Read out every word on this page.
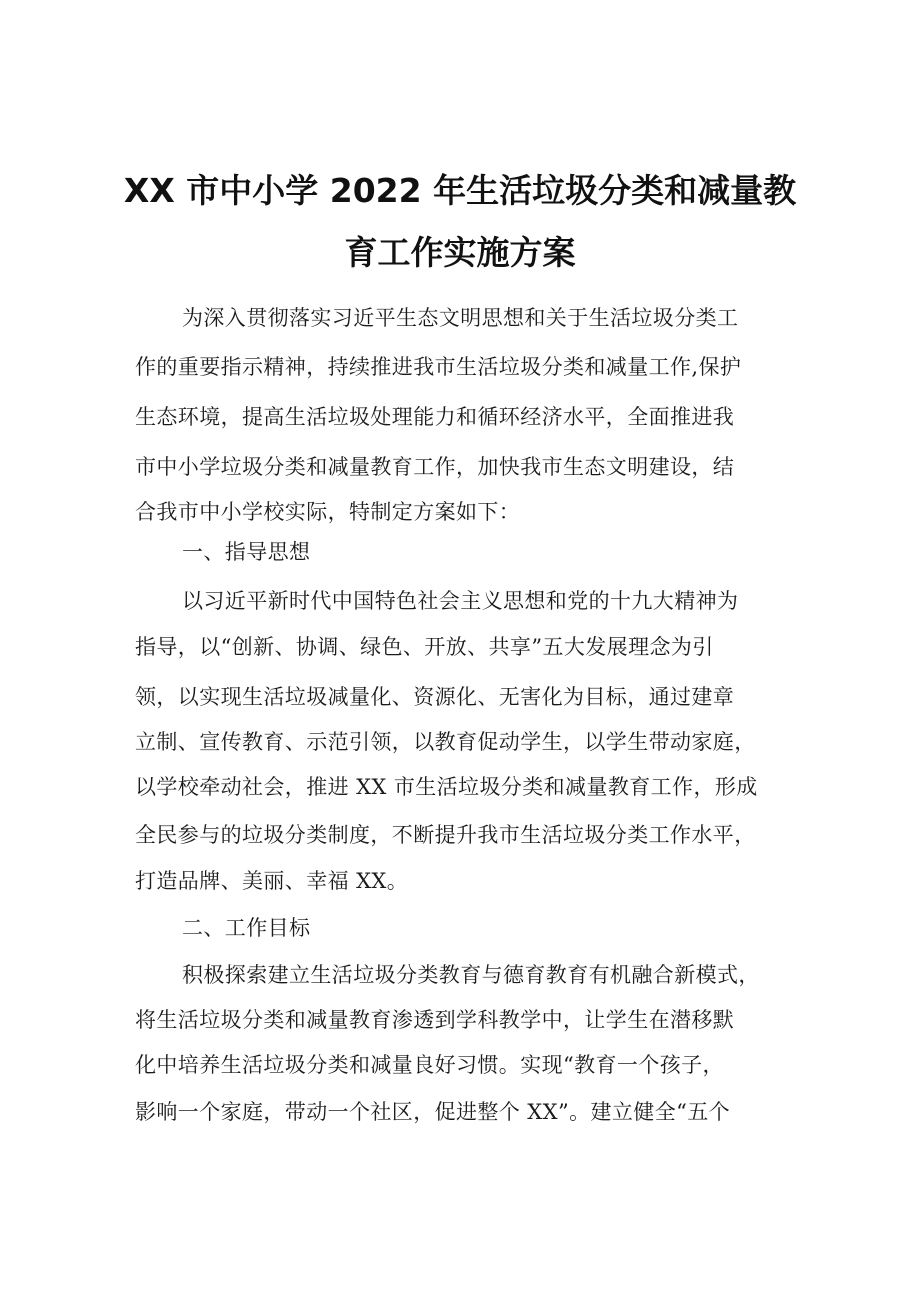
XX 市中小学 2022 年生活垃圾分类和减量教
育工作实施方案
为深入贯彻落实习近平生态文明思想和关于生活垃圾分类工
作的重要指示精神，持续推进我市生活垃圾分类和减量工作,保护
生态环境，提高生活垃圾处理能力和循环经济水平，全面推进我
市中小学垃圾分类和减量教育工作，加快我市生态文明建设，结
合我市中小学校实际，特制定方案如下：
一、指导思想
以习近平新时代中国特色社会主义思想和党的十九大精神为
指导，以“创新、协调、绿色、开放、共享”五大发展理念为引
领，以实现生活垃圾减量化、资源化、无害化为目标，通过建章
立制、宣传教育、示范引领，以教育促动学生，以学生带动家庭，
以学校牵动社会，推进 XX 市生活垃圾分类和减量教育工作，形成
全民参与的垃圾分类制度，不断提升我市生活垃圾分类工作水平，
打造品牌、美丽、幸福 XX。
二、工作目标
积极探索建立生活垃圾分类教育与德育教育有机融合新模式，
将生活垃圾分类和减量教育渗透到学科教学中，让学生在潜移默
化中培养生活垃圾分类和减量良好习惯。实现“教育一个孩子，
影响一个家庭，带动一个社区，促进整个 XX”。建立健全“五个
